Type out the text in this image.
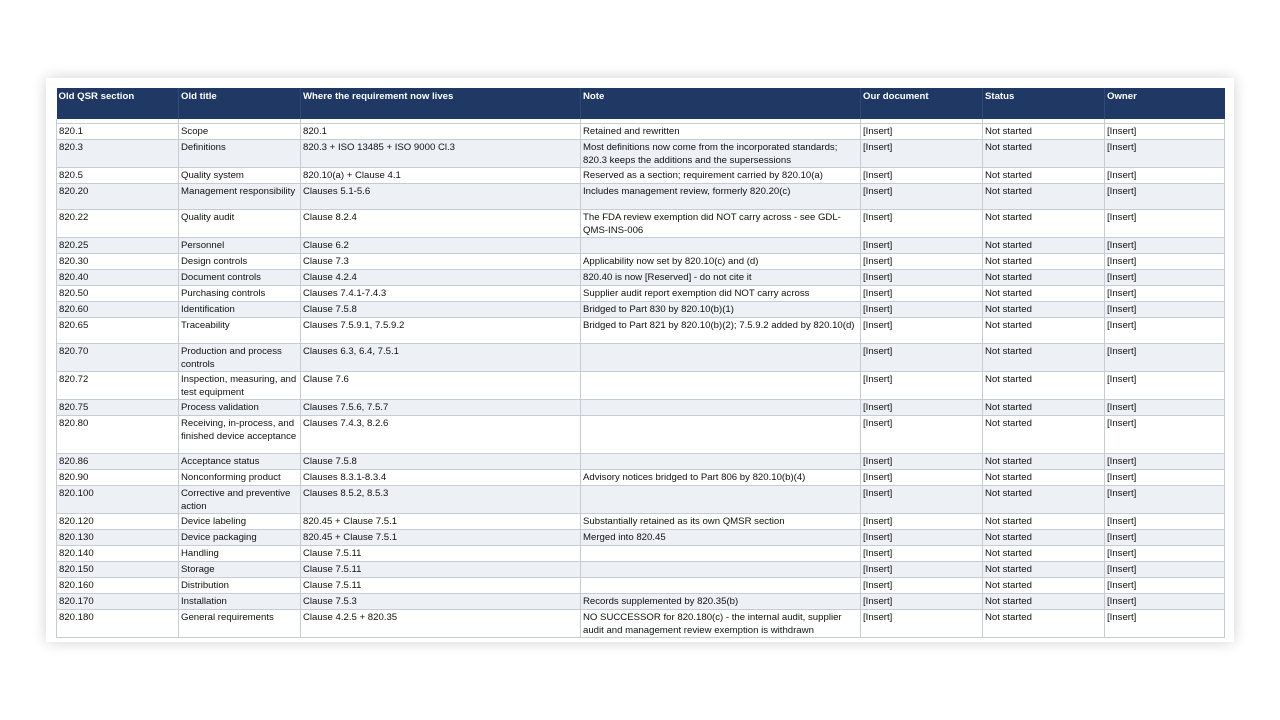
Old QSR section	Old title	Where the requirement now lives	Note	Our document	Status	Owner

820.1	Scope	820.1	Retained and rewritten	[Insert]	Not started	[Insert]
820.3	Definitions	820.3 + ISO 13485 + ISO 9000 Cl.3	Most definitions now come from the incorporated standards; 820.3 keeps the additions and the supersessions	[Insert]	Not started	[Insert]
820.5	Quality system	820.10(a) + Clause 4.1	Reserved as a section; requirement carried by 820.10(a)	[Insert]	Not started	[Insert]
820.20	Management responsibility	Clauses 5.1-5.6	Includes management review, formerly 820.20(c)	[Insert]	Not started	[Insert]
820.22	Quality audit	Clause 8.2.4	The FDA review exemption did NOT carry across - see GDL-QMS-INS-006	[Insert]	Not started	[Insert]
820.25	Personnel	Clause 6.2		[Insert]	Not started	[Insert]
820.30	Design controls	Clause 7.3	Applicability now set by 820.10(c) and (d)	[Insert]	Not started	[Insert]
820.40	Document controls	Clause 4.2.4	820.40 is now [Reserved] - do not cite it	[Insert]	Not started	[Insert]
820.50	Purchasing controls	Clauses 7.4.1-7.4.3	Supplier audit report exemption did NOT carry across	[Insert]	Not started	[Insert]
820.60	Identification	Clause 7.5.8	Bridged to Part 830 by 820.10(b)(1)	[Insert]	Not started	[Insert]
820.65	Traceability	Clauses 7.5.9.1, 7.5.9.2	Bridged to Part 821 by 820.10(b)(2); 7.5.9.2 added by 820.10(d)	[Insert]	Not started	[Insert]
820.70	Production and process controls	Clauses 6.3, 6.4, 7.5.1		[Insert]	Not started	[Insert]
820.72	Inspection, measuring, and test equipment	Clause 7.6		[Insert]	Not started	[Insert]
820.75	Process validation	Clauses 7.5.6, 7.5.7		[Insert]	Not started	[Insert]
820.80	Receiving, in-process, and finished device acceptance	Clauses 7.4.3, 8.2.6		[Insert]	Not started	[Insert]
820.86	Acceptance status	Clause 7.5.8		[Insert]	Not started	[Insert]
820.90	Nonconforming product	Clauses 8.3.1-8.3.4	Advisory notices bridged to Part 806 by 820.10(b)(4)	[Insert]	Not started	[Insert]
820.100	Corrective and preventive action	Clauses 8.5.2, 8.5.3		[Insert]	Not started	[Insert]
820.120	Device labeling	820.45 + Clause 7.5.1	Substantially retained as its own QMSR section	[Insert]	Not started	[Insert]
820.130	Device packaging	820.45 + Clause 7.5.1	Merged into 820.45	[Insert]	Not started	[Insert]
820.140	Handling	Clause 7.5.11		[Insert]	Not started	[Insert]
820.150	Storage	Clause 7.5.11		[Insert]	Not started	[Insert]
820.160	Distribution	Clause 7.5.11		[Insert]	Not started	[Insert]
820.170	Installation	Clause 7.5.3	Records supplemented by 820.35(b)	[Insert]	Not started	[Insert]
820.180	General requirements	Clause 4.2.5 + 820.35	NO SUCCESSOR for 820.180(c) - the internal audit, supplier audit and management review exemption is withdrawn	[Insert]	Not started	[Insert]
